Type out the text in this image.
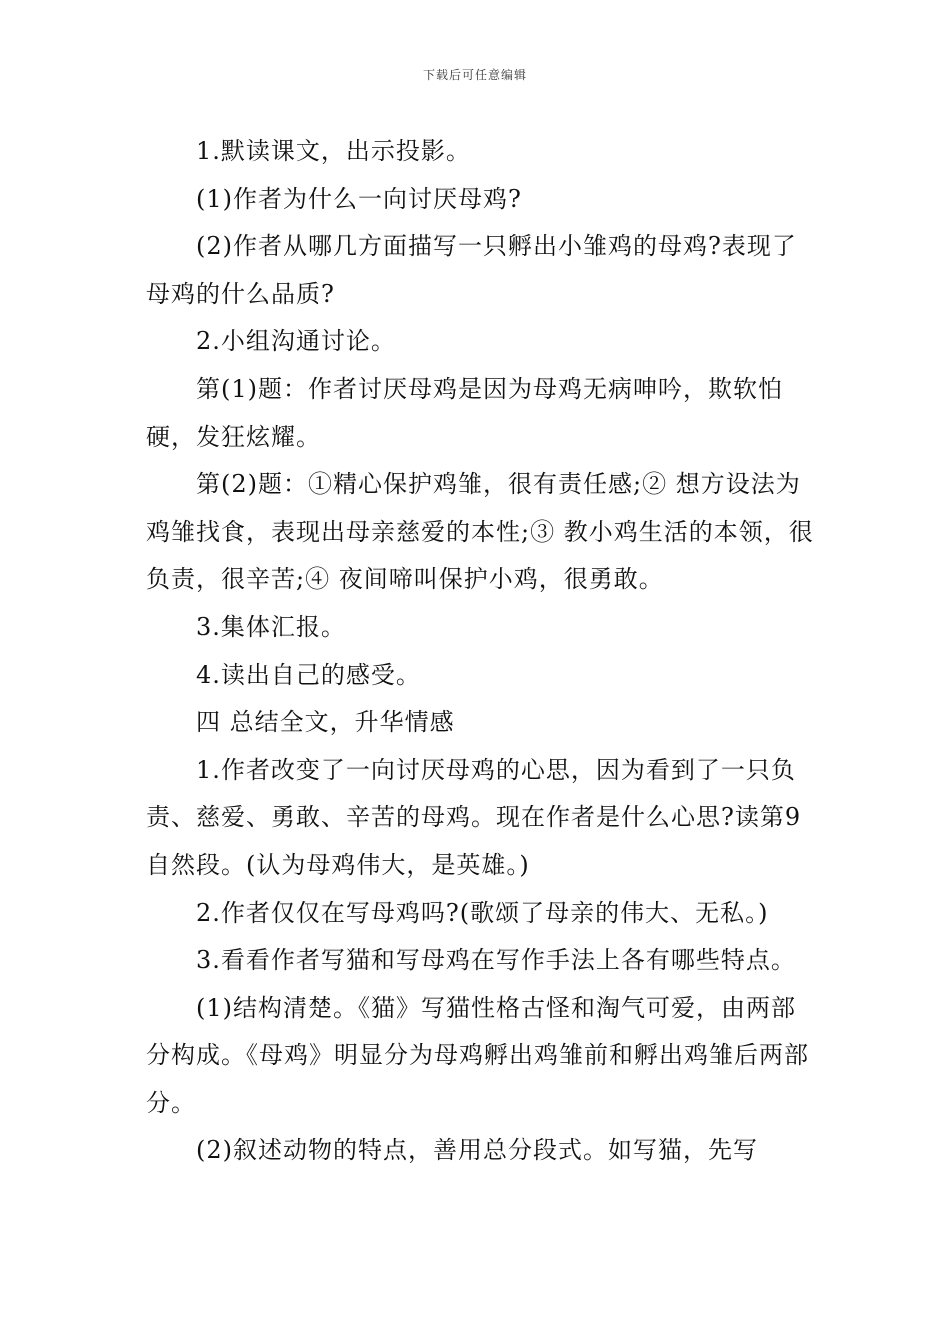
下载后可任意编辑

1.默读课文，出示投影。

(1)作者为什么一向讨厌母鸡?

(2)作者从哪几方面描写一只孵出小雏鸡的母鸡?表现了母鸡的什么品质?

2.小组沟通讨论。

第(1)题：作者讨厌母鸡是因为母鸡无病呻吟，欺软怕硬，发狂炫耀。

第(2)题：①精心保护鸡雏，很有责任感;② 想方设法为鸡雏找食，表现出母亲慈爱的本性;③ 教小鸡生活的本领，很负责，很辛苦;④ 夜间啼叫保护小鸡，很勇敢。

3.集体汇报。

4.读出自己的感受。

四 总结全文，升华情感

1.作者改变了一向讨厌母鸡的心思，因为看到了一只负责、慈爱、勇敢、辛苦的母鸡。现在作者是什么心思?读第9自然段。(认为母鸡伟大，是英雄。)

2.作者仅仅在写母鸡吗?(歌颂了母亲的伟大、无私。)

3.看看作者写猫和写母鸡在写作手法上各有哪些特点。

(1)结构清楚。《猫》写猫性格古怪和淘气可爱，由两部分构成。《母鸡》明显分为母鸡孵出鸡雏前和孵出鸡雏后两部分。

(2)叙述动物的特点，善用总分段式。如写猫，先写
